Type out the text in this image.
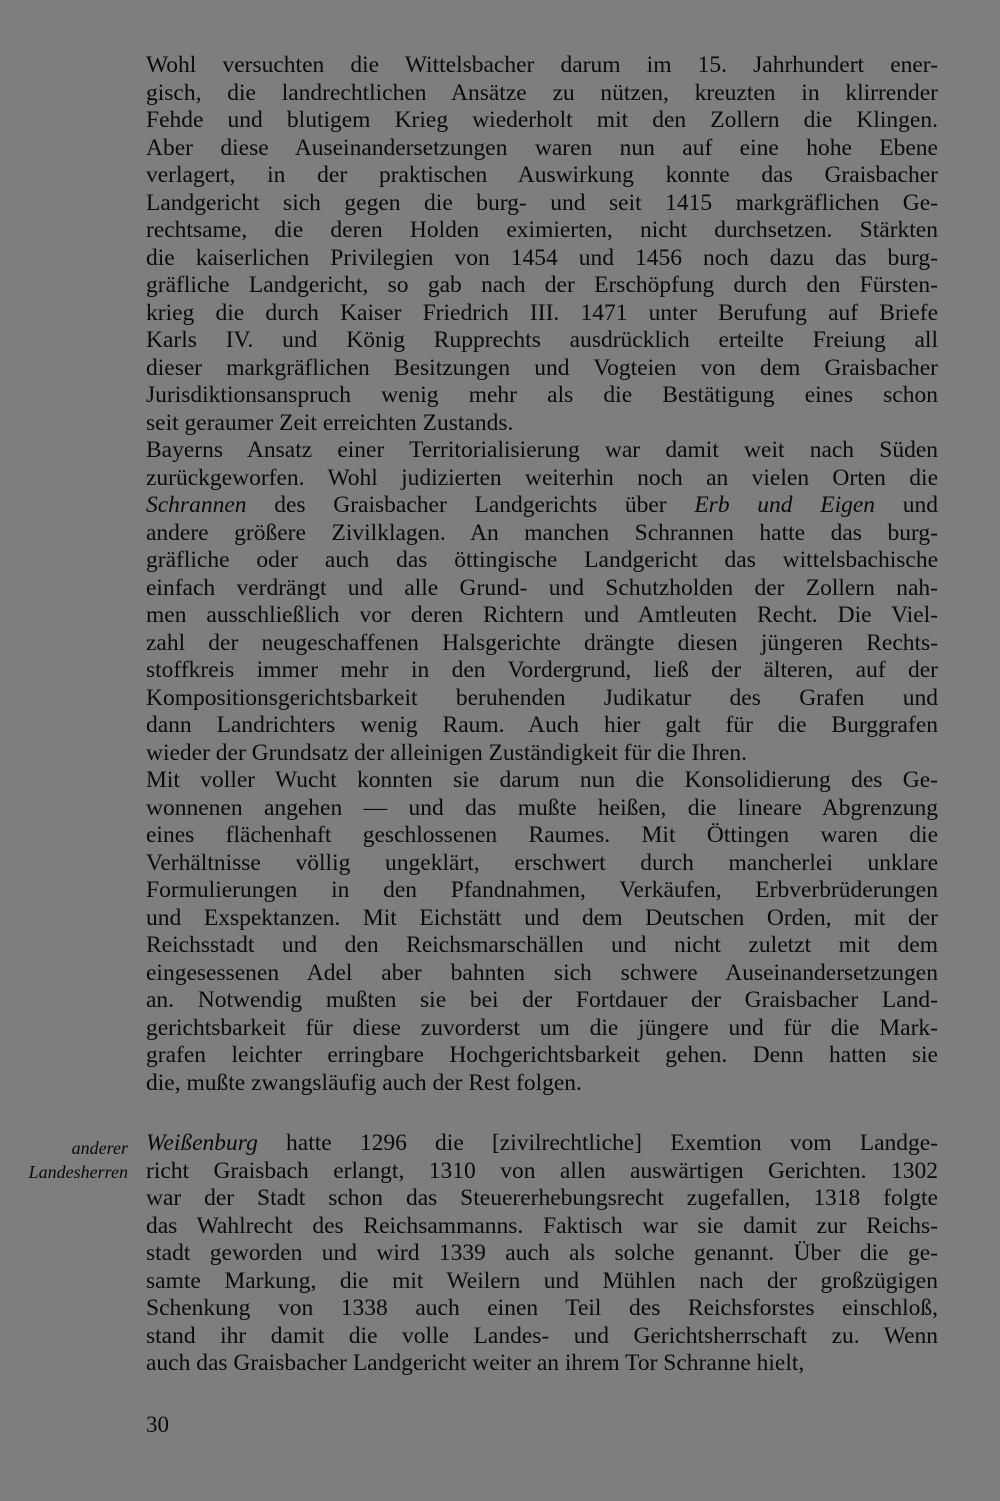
Wohl versuchten die Wittelsbacher darum im 15. Jahrhundert ener-
gisch, die landrechtlichen Ansätze zu nützen, kreuzten in klirrender
Fehde und blutigem Krieg wiederholt mit den Zollern die Klingen.
Aber diese Auseinandersetzungen waren nun auf eine hohe Ebene
verlagert, in der praktischen Auswirkung konnte das Graisbacher
Landgericht sich gegen die burg- und seit 1415 markgräflichen Ge-
rechtsame, die deren Holden eximierten, nicht durchsetzen. Stärkten
die kaiserlichen Privilegien von 1454 und 1456 noch dazu das burg-
gräfliche Landgericht, so gab nach der Erschöpfung durch den Fürsten-
krieg die durch Kaiser Friedrich III. 1471 unter Berufung auf Briefe
Karls IV. und König Rupprechts ausdrücklich erteilte Freiung all
dieser markgräflichen Besitzungen und Vogteien von dem Graisbacher
Jurisdiktionsanspruch wenig mehr als die Bestätigung eines schon
seit geraumer Zeit erreichten Zustands.
Bayerns Ansatz einer Territorialisierung war damit weit nach Süden
zurückgeworfen. Wohl judizierten weiterhin noch an vielen Orten die
Schrannen des Graisbacher Landgerichts über Erb und Eigen und
andere größere Zivilklagen. An manchen Schrannen hatte das burg-
gräfliche oder auch das öttingische Landgericht das wittelsbachische
einfach verdrängt und alle Grund- und Schutzholden der Zollern nah-
men ausschließlich vor deren Richtern und Amtleuten Recht. Die Viel-
zahl der neugeschaffenen Halsgerichte drängte diesen jüngeren Rechts-
stoffkreis immer mehr in den Vordergrund, ließ der älteren, auf der
Kompositionsgerichtsbarkeit beruhenden Judikatur des Grafen und
dann Landrichters wenig Raum. Auch hier galt für die Burggrafen
wieder der Grundsatz der alleinigen Zuständigkeit für die Ihren.
Mit voller Wucht konnten sie darum nun die Konsolidierung des Ge-
wonnenen angehen — und das mußte heißen, die lineare Abgrenzung
eines flächenhaft geschlossenen Raumes. Mit Öttingen waren die
Verhältnisse völlig ungeklärt, erschwert durch mancherlei unklare
Formulierungen in den Pfandnahmen, Verkäufen, Erbverbrüderungen
und Exspektanzen. Mit Eichstätt und dem Deutschen Orden, mit der
Reichsstadt und den Reichsmarschällen und nicht zuletzt mit dem
eingesessenen Adel aber bahnten sich schwere Auseinandersetzungen
an. Notwendig mußten sie bei der Fortdauer der Graisbacher Land-
gerichtsbarkeit für diese zuvorderst um die jüngere und für die Mark-
grafen leichter erringbare Hochgerichtsbarkeit gehen. Denn hatten sie
die, mußte zwangsläufig auch der Rest folgen.
anderer
Landesherren
Weißenburg hatte 1296 die [zivilrechtliche] Exemtion vom Landge-
richt Graisbach erlangt, 1310 von allen auswärtigen Gerichten. 1302
war der Stadt schon das Steuererhebungsrecht zugefallen, 1318 folgte
das Wahlrecht des Reichsammanns. Faktisch war sie damit zur Reichs-
stadt geworden und wird 1339 auch als solche genannt. Über die ge-
samte Markung, die mit Weilern und Mühlen nach der großzügigen
Schenkung von 1338 auch einen Teil des Reichsforstes einschloß,
stand ihr damit die volle Landes- und Gerichtsherrschaft zu. Wenn
auch das Graisbacher Landgericht weiter an ihrem Tor Schranne hielt,
30
